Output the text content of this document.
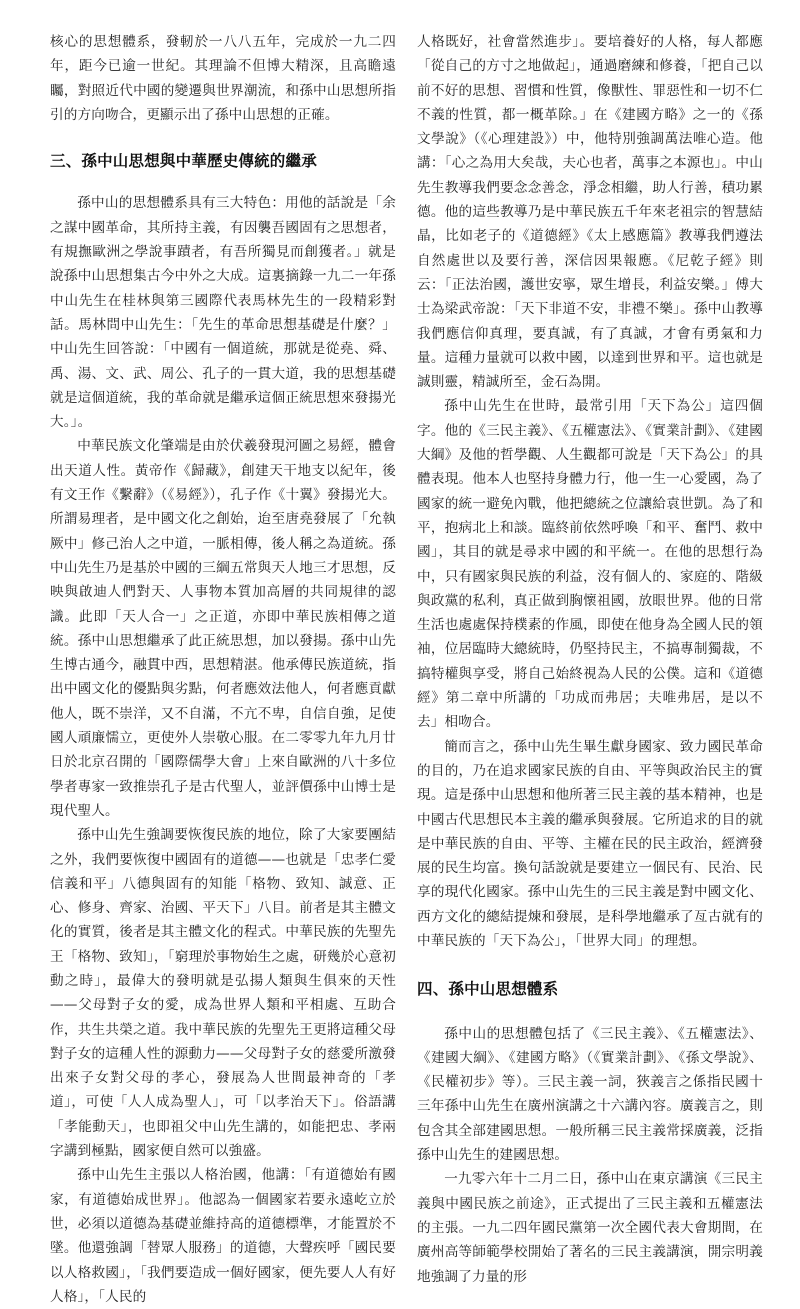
核心的思想體系，發軔於一八八五年，完成於一九二四年，距今已逾一世紀。其理論不但博大精深，且高瞻遠矚，對照近代中國的變遷與世界潮流，和孫中山思想所指引的方向吻合，更顯示出了孫中山思想的正確。

三、孫中山思想與中華歷史傳統的繼承

孫中山的思想體系具有三大特色：用他的話說是「余之謀中國革命，其所持主義，有因襲吾國固有之思想者，有規撫歐洲之學說事蹟者，有吾所獨見而創獲者。」就是說孫中山思想集古今中外之大成。這裏摘錄一九二一年孫中山先生在桂林與第三國際代表馬林先生的一段精彩對話。馬林問中山先生：「先生的革命思想基礎是什麼？」中山先生回答說：「中國有一個道統，那就是從堯、舜、禹、湯、文、武、周公、孔子的一貫大道，我的思想基礎就是這個道統，我的革命就是繼承這個正統思想來發揚光大。」。

中華民族文化肇端是由於伏羲發現河圖之易經，體會出天道人性。黃帝作《歸藏》，創建天干地支以紀年，後有文王作《繫辭》（《易經》），孔子作《十翼》發揚光大。所謂易理者，是中國文化之創始，迨至唐堯發展了「允執厥中」修己治人之中道，一脈相傳，後人稱之為道統。孫中山先生乃是基於中國的三綱五常與天人地三才思想，反映與啟迪人們對天、人事物本質加高層的共同規律的認識。此即「天人合一」之正道，亦即中華民族相傳之道統。孫中山思想繼承了此正統思想，加以發揚。孫中山先生博古通今，融貫中西，思想精湛。他承傳民族道統，指出中國文化的優點與劣點，何者應效法他人，何者應貢獻他人，既不崇洋，又不自滿，不亢不卑，自信自強，足使國人頑廉懦立，更使外人崇敬心服。在二零零九年九月廿日於北京召開的「國際儒學大會」上來自歐洲的八十多位學者專家一致推崇孔子是古代聖人，並評價孫中山博士是現代聖人。

孫中山先生強調要恢復民族的地位，除了大家要團結之外，我們要恢復中國固有的道德——也就是「忠孝仁愛信義和平」八德與固有的知能「格物、致知、誠意、正心、修身、齊家、治國、平天下」八目。前者是其主體文化的實質，後者是其主體文化的程式。中華民族的先聖先王「格物、致知」，「窮理於事物始生之處，研幾於心意初動之時」，最偉大的發明就是弘揚人類與生俱來的天性——父母對子女的愛，成為世界人類和平相處、互助合作，共生共榮之道。我中華民族的先聖先王更將這種父母對子女的這種人性的源動力——父母對子女的慈愛所激發出來子女對父母的孝心，發展為人世間最神奇的「孝道」，可使「人人成為聖人」，可「以孝治天下」。俗語講「孝能動天」，也即祖父中山先生講的，如能把忠、孝兩字講到極點，國家便自然可以強盛。

孫中山先生主張以人格治國，他講：「有道德始有國家，有道德始成世界」。他認為一個國家若要永遠屹立於世，必須以道德為基礎並維持高的道德標準，才能置於不墜。他還強調「替眾人服務」的道德，大聲疾呼「國民要以人格救國」，「我們要造成一個好國家，便先要人人有好人格」，「人民的

人格既好，社會當然進步」。要培養好的人格，每人都應「從自己的方寸之地做起」，通過磨練和修養，「把自己以前不好的思想、習慣和性質，像獸性、罪惡性和一切不仁不義的性質，都一概革除。」在《建國方略》之一的《孫文學說》（《心理建設》）中，他特別強調萬法唯心造。他講：「心之為用大矣哉，夫心也者，萬事之本源也」。中山先生教導我們要念念善念，淨念相繼，助人行善，積功累德。他的這些教導乃是中華民族五千年來老祖宗的智慧結晶，比如老子的《道德經》《太上感應篇》教導我們遵法自然處世以及要行善，深信因果報應。《尼乾子經》則云：「正法治國，護世安寧，眾生增長，利益安樂。」傅大士為梁武帝說：「天下非道不安，非禮不樂」。孫中山教導我們應信仰真理，要真誠，有了真誠，才會有勇氣和力量。這種力量就可以救中國，以達到世界和平。這也就是誠則靈，精誠所至，金石為開。

孫中山先生在世時，最常引用「天下為公」這四個字。他的《三民主義》、《五權憲法》、《實業計劃》、《建國大綱》及他的哲學觀、人生觀都可說是「天下為公」的具體表現。他本人也堅持身體力行，他一生一心愛國，為了國家的統一避免內戰，他把總統之位讓給袁世凱。為了和平，抱病北上和談。臨終前依然呼喚「和平、奮鬥、救中國」，其目的就是尋求中國的和平統一。在他的思想行為中，只有國家與民族的利益，沒有個人的、家庭的、階級與政黨的私利，真正做到胸懷祖國，放眼世界。他的日常生活也處處保持樸素的作風，即使在他身為全國人民的領袖，位居臨時大總統時，仍堅持民主，不搞專制獨裁，不搞特權與享受，將自己始終視為人民的公僕。這和《道德經》第二章中所講的「功成而弗居；夫唯弗居，是以不去」相吻合。

簡而言之，孫中山先生畢生獻身國家、致力國民革命的目的，乃在追求國家民族的自由、平等與政治民主的實現。這是孫中山思想和他所著三民主義的基本精神，也是中國古代思想民本主義的繼承與發展。它所追求的目的就是中華民族的自由、平等、主權在民的民主政治，經濟發展的民生均富。換句話說就是要建立一個民有、民治、民享的現代化國家。孫中山先生的三民主義是對中國文化、西方文化的總結提煉和發展，是科學地繼承了亙古就有的中華民族的「天下為公」，「世界大同」的理想。

四、孫中山思想體系

孫中山的思想體包括了《三民主義》、《五權憲法》、《建國大綱》、《建國方略》（《實業計劃》、《孫文學說》、《民權初步》等）。三民主義一詞，狹義言之係指民國十三年孫中山先生在廣州演講之十六講內容。廣義言之，則包含其全部建國思想。一般所稱三民主義常採廣義，泛指孫中山先生的建國思想。

一九零六年十二月二日，孫中山在東京講演《三民主義與中國民族之前途》，正式提出了三民主義和五權憲法的主張。一九二四年國民黨第一次全國代表大會期間，在廣州高等師範學校開始了著名的三民主義講演，開宗明義地強調了力量的形
